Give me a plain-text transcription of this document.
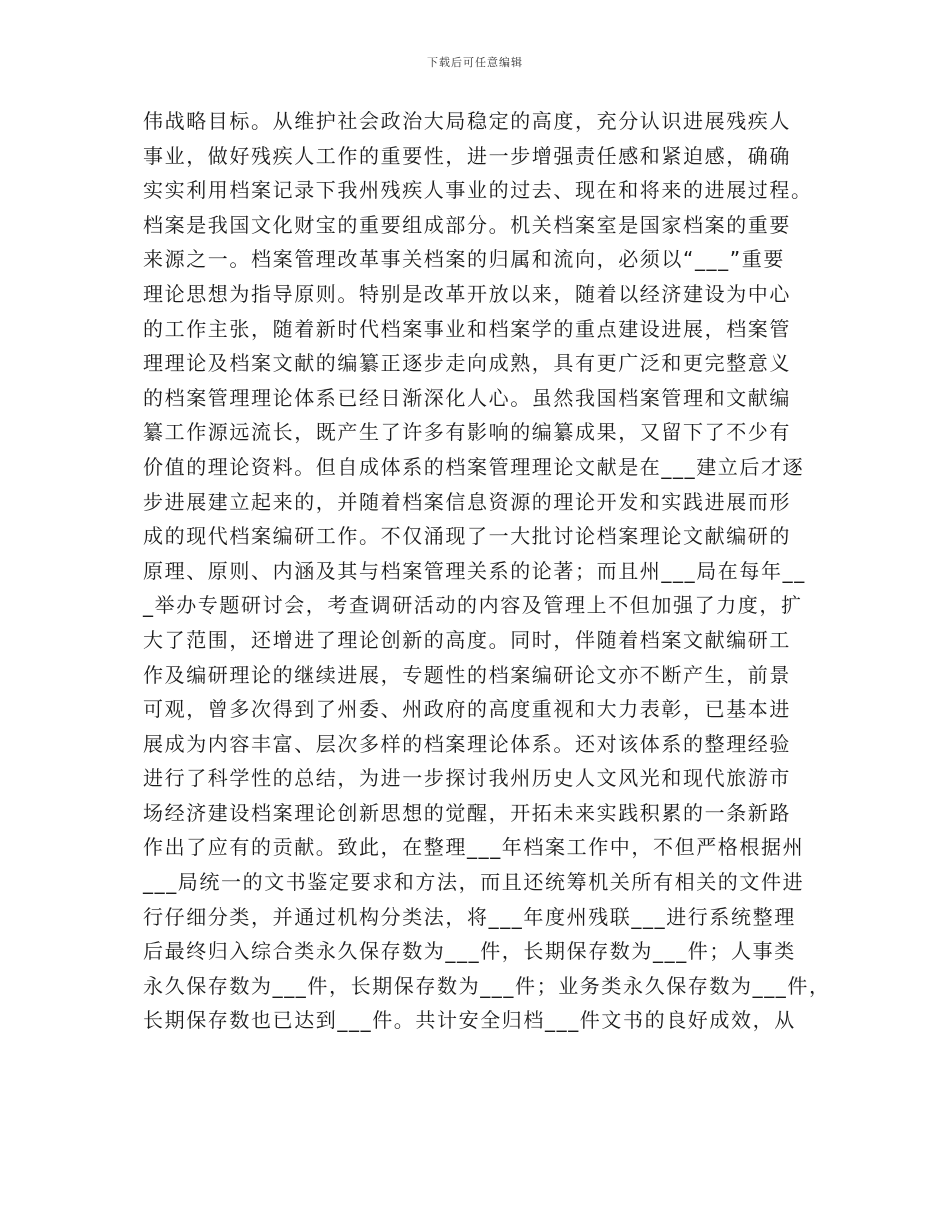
下载后可任意编辑
伟战略目标。从维护社会政治大局稳定的高度，充分认识进展残疾人
事业，做好残疾人工作的重要性，进一步增强责任感和紧迫感，确确
实实利用档案记录下我州残疾人事业的过去、现在和将来的进展过程。
档案是我国文化财宝的重要组成部分。机关档案室是国家档案的重要
来源之一。档案管理改革事关档案的归属和流向，必须以“___”重要
理论思想为指导原则。特别是改革开放以来，随着以经济建设为中心
的工作主张，随着新时代档案事业和档案学的重点建设进展，档案管
理理论及档案文献的编纂正逐步走向成熟，具有更广泛和更完整意义
的档案管理理论体系已经日渐深化人心。虽然我国档案管理和文献编
纂工作源远流长，既产生了许多有影响的编纂成果，又留下了不少有
价值的理论资料。但自成体系的档案管理理论文献是在___建立后才逐
步进展建立起来的，并随着档案信息资源的理论开发和实践进展而形
成的现代档案编研工作。不仅涌现了一大批讨论档案理论文献编研的
原理、原则、内涵及其与档案管理关系的论著；而且州___局在每年__
_举办专题研讨会，考查调研活动的内容及管理上不但加强了力度，扩
大了范围，还增进了理论创新的高度。同时，伴随着档案文献编研工
作及编研理论的继续进展，专题性的档案编研论文亦不断产生，前景
可观，曾多次得到了州委、州政府的高度重视和大力表彰，已基本进
展成为内容丰富、层次多样的档案理论体系。还对该体系的整理经验
进行了科学性的总结，为进一步探讨我州历史人文风光和现代旅游市
场经济建设档案理论创新思想的觉醒，开拓未来实践积累的一条新路
作出了应有的贡献。致此，在整理___年档案工作中，不但严格根据州
___局统一的文书鉴定要求和方法，而且还统筹机关所有相关的文件进
行仔细分类，并通过机构分类法，将___年度州残联___进行系统整理
后最终归入综合类永久保存数为___件，长期保存数为___件；人事类
永久保存数为___件，长期保存数为___件；业务类永久保存数为___件，
长期保存数也已达到___件。共计安全归档___件文书的良好成效，从
